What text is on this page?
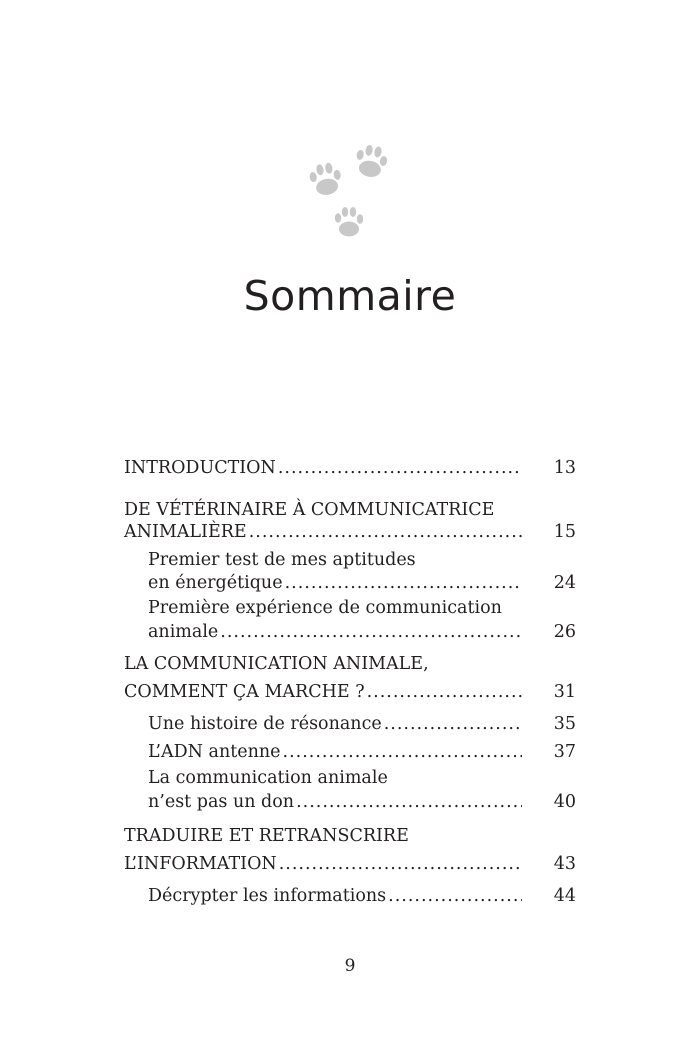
Sommaire
INTRODUCTION .....	13
DE VÉTÉRINAIRE À COMMUNICATRICE
ANIMALIÈRE .....	15
Premier test de mes aptitudes
en énergétique .....	24
Première expérience de communication
animale .....	26
LA COMMUNICATION ANIMALE,
COMMENT ÇA MARCHE ? .....	31
Une histoire de résonance .....	35
L’ADN antenne .....	37
La communication animale
n’est pas un don .....	40
TRADUIRE ET RETRANSCRIRE
L’INFORMATION .....	43
Décrypter les informations .....	44
9
